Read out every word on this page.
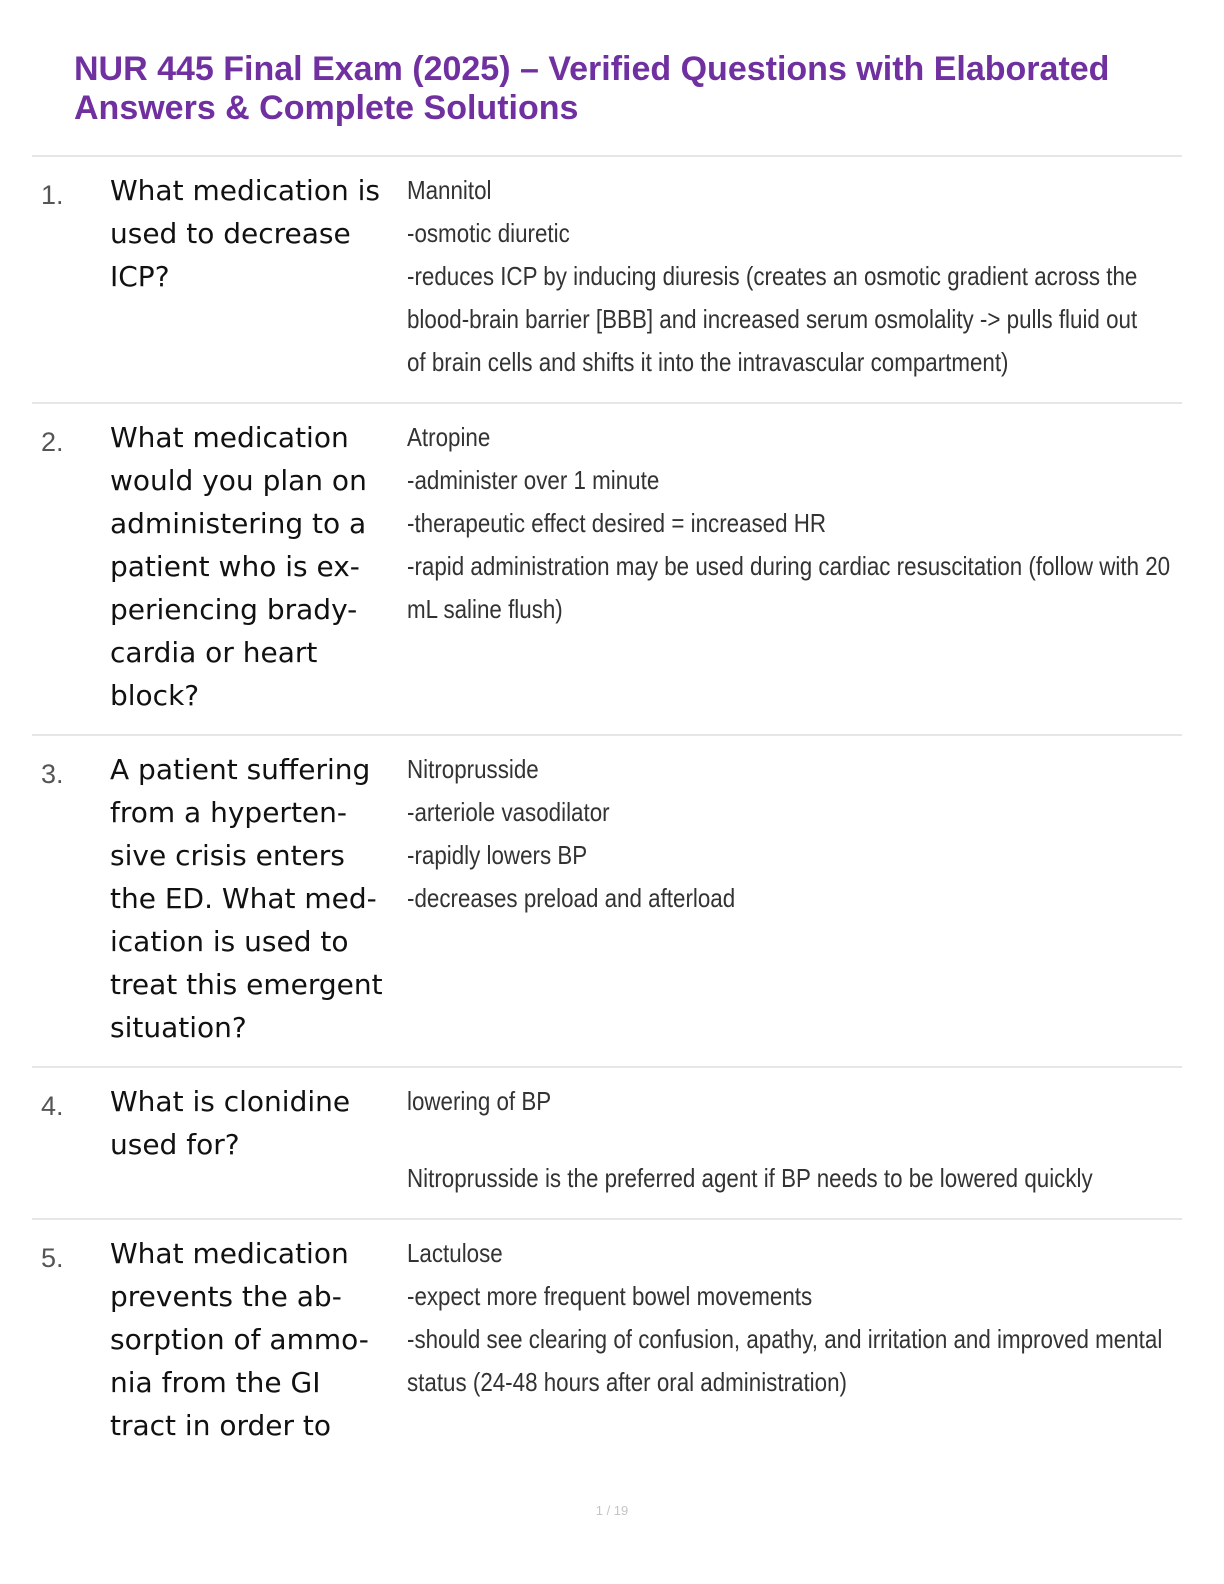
NUR 445 Final Exam (2025) – Verified Questions with Elaborated Answers & Complete Solutions
1. What medication is
used to decrease
ICP?
Mannitol
-osmotic diuretic
-reduces ICP by inducing diuresis (creates an osmotic gradient across the
blood-brain barrier [BBB] and increased serum osmolality -> pulls fluid out
of brain cells and shifts it into the intravascular compartment)
2. What medication
would you plan on
administering to a
patient who is ex-
periencing brady-
cardia or heart
block?
Atropine
-administer over 1 minute
-therapeutic effect desired = increased HR
-rapid administration may be used during cardiac resuscitation (follow with 20
mL saline flush)
3. A patient suffering
from a hyperten-
sive crisis enters
the ED. What med-
ication is used to
treat this emergent
situation?
Nitroprusside
-arteriole vasodilator
-rapidly lowers BP
-decreases preload and afterload
4. What is clonidine
used for?
lowering of BP
Nitroprusside is the preferred agent if BP needs to be lowered quickly
5. What medication
prevents the ab-
sorption of ammo-
nia from the GI
tract in order to
Lactulose
-expect more frequent bowel movements
-should see clearing of confusion, apathy, and irritation and improved mental
status (24-48 hours after oral administration)
1 / 19
